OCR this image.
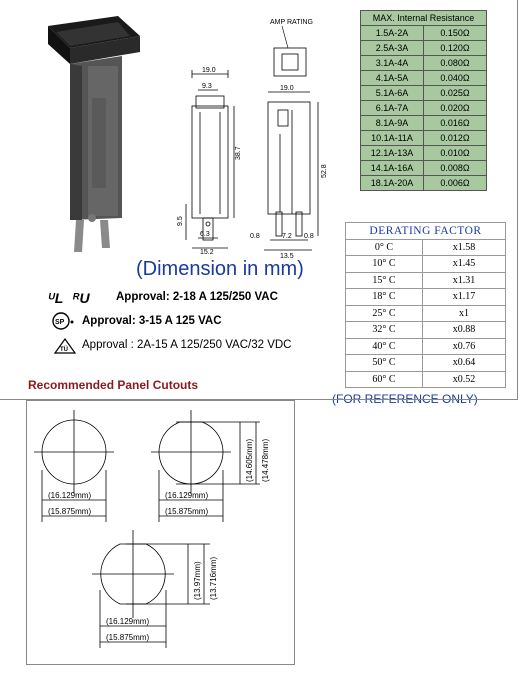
AMP RATING
19.0
9.3
38.7
9.5
6.3
15.2
19.0
52.8
0.8	7.2 0.8
13.5
MAX. Internal Resistance	
1.5A-2A	0.150Ω
2.5A-3A	0.120Ω
3.1A-4A	0.080Ω
4.1A-5A	0.040Ω
5.1A-6A	0.025Ω
6.1A-7A	0.020Ω
8.1A-9A	0.016Ω
10.1A-11A	0.012Ω
12.1A-13A	0.010Ω
14.1A-16A	0.008Ω
18.1A-20A	0.006Ω
(Dimension in mm)
ᵁL ᴿU Approval: 2-18 A 125/250 VAC
SP Approval: 3-15 A 125 VAC
TÜ Approval : 2A-15 A 125/250 VAC/32 VDC
DERATING FACTOR	
0° C	x1.58
10° C	x1.45
15° C	x1.31
18° C	x1.17
25° C	x1
32° C	x0.88
40° C	x0.76
50° C	x0.64
60° C	x0.52
(FOR REFERENCE ONLY)
Recommended Panel Cutouts
(16.129mm)
(15.875mm)
(16.129mm)
(15.875mm)
(14.605mm) (14.478mm)
(16.129mm)
(15.875mm)
(13.97mm) (13.716mm)
